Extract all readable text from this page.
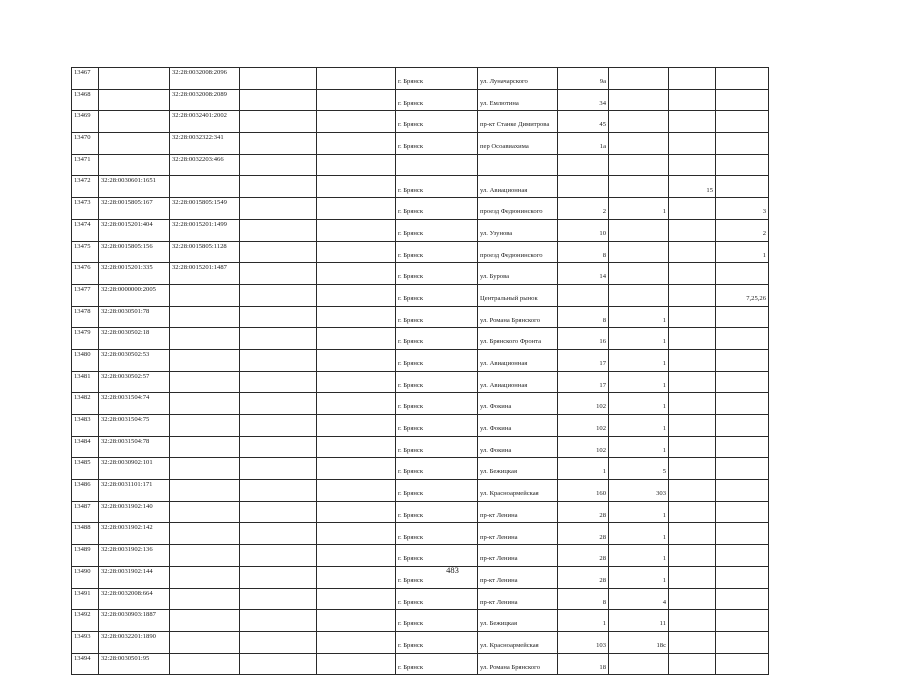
13467		32:28:0032008:2096			г. Брянск	ул. Луначарского	9а			
13468		32:28:0032008:2089			г. Брянск	ул. Емлютина	34			
13469		32:28:0032401:2002			г. Брянск	пр-кт Станке Димитрова	45			
13470		32:28:0032322:341			г. Брянск	пер Осоавиахима	1а			
13471		32:28:0032203:466								
13472	32:28:0030601:1651				г. Брянск	ул. Авиационная			15	
13473	32:28:0015805:167	32:28:0015805:1549			г. Брянск	проезд Федюнинского	2	1		3
13474	32:28:0015201:404	32:28:0015201:1499			г. Брянск	ул. Узунова	10			2
13475	32:28:0015805:156	32:28:0015805:1128			г. Брянск	проезд Федюнинского	8			1
13476	32:28:0015201:335	32:28:0015201:1487			г. Брянск	ул. Бурова	14			
13477	32:28:0000000:2005				г. Брянск	Центральный рынок				7,25,26
13478	32:28:0030501:78				г. Брянск	ул. Романа Брянского	8	1		
13479	32:28:0030502:18				г. Брянск	ул. Брянского Фронта	16	1		
13480	32:28:0030502:53				г. Брянск	ул. Авиационная	17	1		
13481	32:28:0030502:57				г. Брянск	ул. Авиационная	17	1		
13482	32:28:0031504:74				г. Брянск	ул. Фокина	102	1		
13483	32:28:0031504:75				г. Брянск	ул. Фокина	102	1		
13484	32:28:0031504:78				г. Брянск	ул. Фокина	102	1		
13485	32:28:0030902:101				г. Брянск	ул. Бежицкая	1	5		
13486	32:28:0031101:171				г. Брянск	ул. Красноармейская	160	303		
13487	32:28:0031902:140				г. Брянск	пр-кт Ленина	28	1		
13488	32:28:0031902:142				г. Брянск	пр-кт Ленина	28	1		
13489	32:28:0031902:136				г. Брянск	пр-кт Ленина	28	1		
13490	32:28:0031902:144				г. Брянск	пр-кт Ленина	28	1		
13491	32:28:0032008:664				г. Брянск	пр-кт Ленина	8	4		
13492	32:28:0030903:1887				г. Брянск	ул. Бежицкая	1	11		
13493	32:28:0032201:1890				г. Брянск	ул. Красноармейская	103	18с		
13494	32:28:0030501:95				г. Брянск	ул. Романа Брянского	18			
483
